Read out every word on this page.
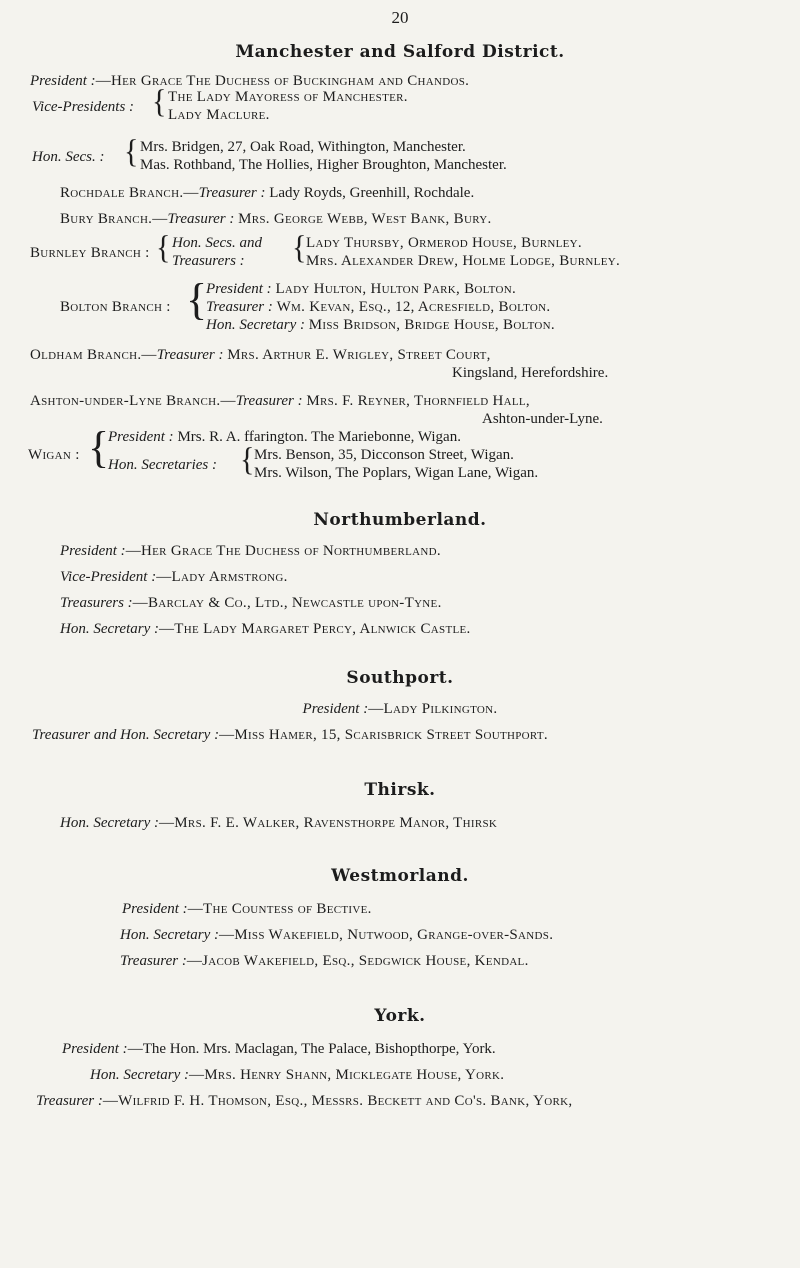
20
Manchester and Salford District.
President :—Her Grace The Duchess of Buckingham and Chandos.
Vice-Presidents : { The Lady Mayoress of Manchester.
Lady Maclure.
Hon. Secs. : { Mrs. Bridgen, 27, Oak Road, Withington, Manchester.
Mas. Rothband, The Hollies, Higher Broughton, Manchester.
Rochdale Branch.—Treasurer : Lady Royds, Greenhill, Rochdale.
Bury Branch.—Treasurer : Mrs. George Webb, West Bank, Bury.
Burnley Branch : { Hon. Secs. and
Treasurers : { Lady Thursby, Ormerod House, Burnley.
Mrs. Alexander Drew, Holme Lodge, Burnley.
Bolton Branch : {
President : Lady Hulton, Hulton Park, Bolton.
Treasurer : Wm. Kevan, Esq., 12, Acresfield, Bolton.
Hon. Secretary : Miss Bridson, Bridge House, Bolton.
Oldham Branch.—Treasurer : Mrs. Arthur E. Wrigley, Street Court,
Kingsland, Herefordshire.
Ashton-under-Lyne Branch.—Treasurer : Mrs. F. Reyner, Thornfield Hall,
Ashton-under-Lyne.
Wigan : {
President : Mrs. R. A. ffarington. The Mariebonne, Wigan.
Hon. Secretaries : { Mrs. Benson, 35, Dicconson Street, Wigan.
Mrs. Wilson, The Poplars, Wigan Lane, Wigan.
Northumberland.
President :—Her Grace The Duchess of Northumberland.
Vice-President :—Lady Armstrong.
Treasurers :—Barclay & Co., Ltd., Newcastle upon-Tyne.
Hon. Secretary :—The Lady Margaret Percy, Alnwick Castle.
Southport.
President :—Lady Pilkington.
Treasurer and Hon. Secretary :—Miss Hamer, 15, Scarisbrick Street Southport.
Thirsk.
Hon. Secretary :—Mrs. F. E. Walker, Ravensthorpe Manor, Thirsk
Westmorland.
President :—The Countess of Bective.
Hon. Secretary :—Miss Wakefield, Nutwood, Grange-over-Sands.
Treasurer :—Jacob Wakefield, Esq., Sedgwick House, Kendal.
York.
President :—The Hon. Mrs. Maclagan, The Palace, Bishopthorpe, York.
Hon. Secretary :—Mrs. Henry Shann, Micklegate House, York.
Treasurer :—Wilfrid F. H. Thomson, Esq., Messrs. Beckett and Co's. Bank, York,
